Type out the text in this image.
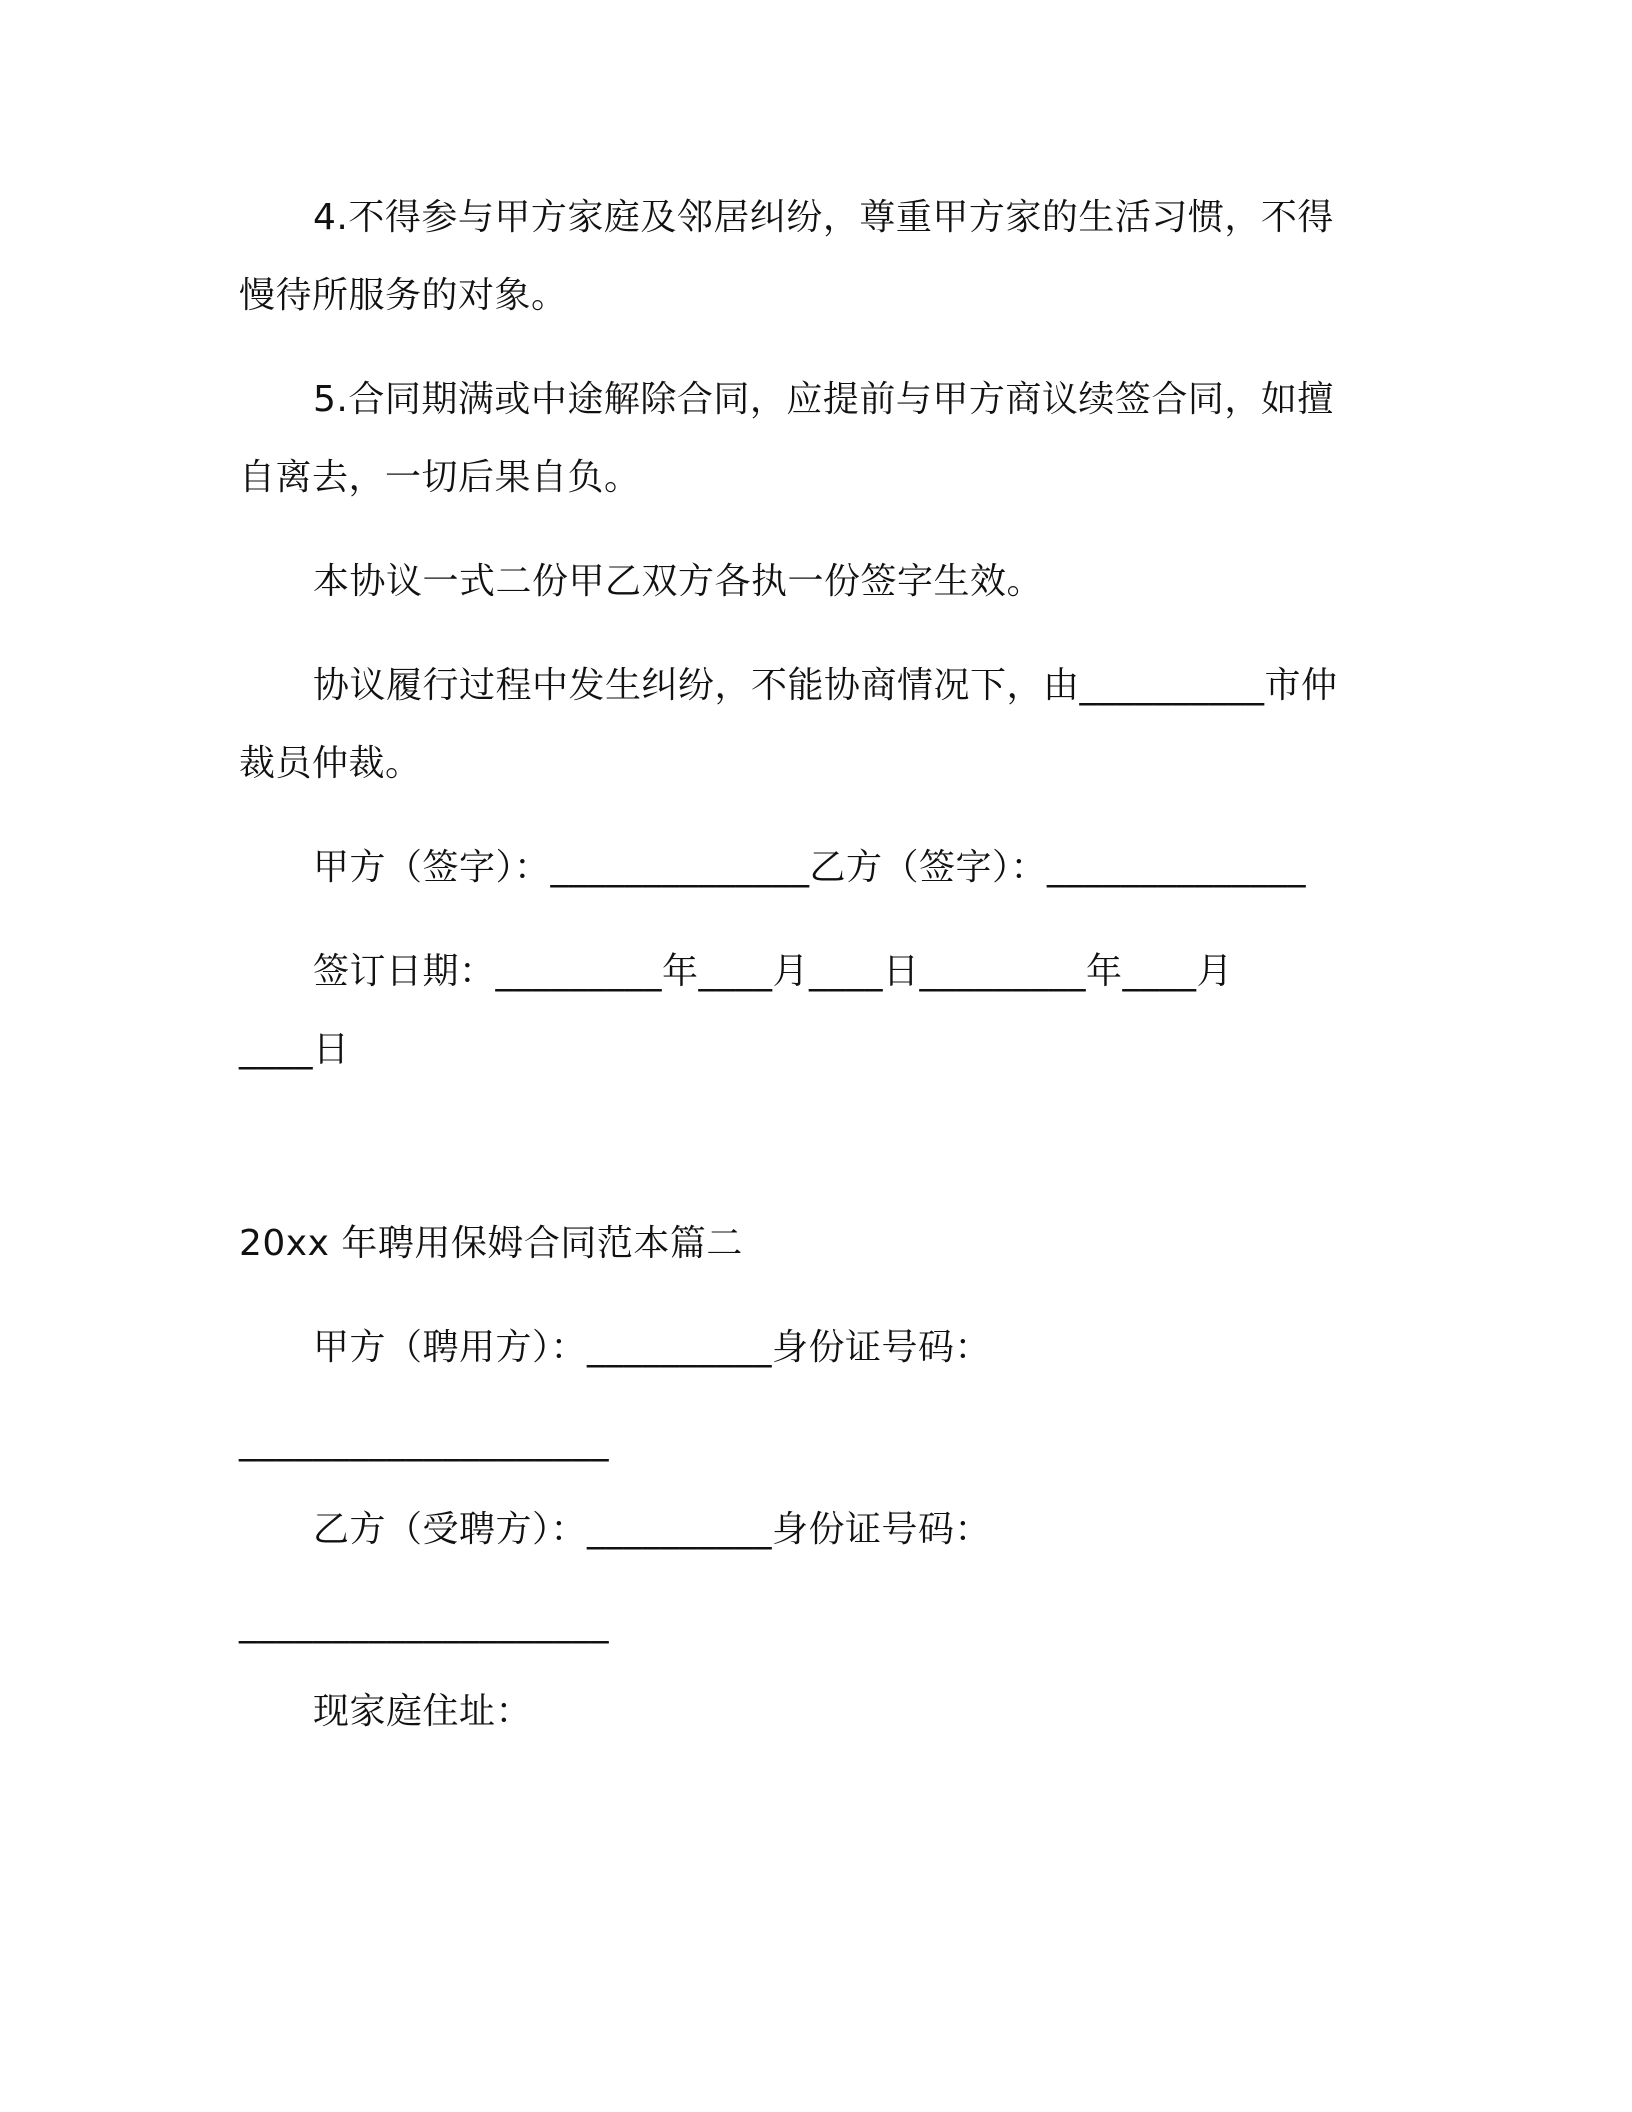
4.不得参与甲方家庭及邻居纠纷，尊重甲方家的生活习惯，不得
慢待所服务的对象。
5.合同期满或中途解除合同，应提前与甲方商议续签合同，如擅
自离去，一切后果自负。
本协议一式二份甲乙双方各执一份签字生效。
协议履行过程中发生纠纷，不能协商情况下，由__________市仲
裁员仲裁。
甲方（签字）：______________乙方（签字）：______________
签订日期：_________年____月____日_________年____月
____日
20xx 年聘用保姆合同范本篇二
甲方（聘用方）：__________身份证号码：
____________________
乙方（受聘方）：__________身份证号码：
____________________
现家庭住址：
